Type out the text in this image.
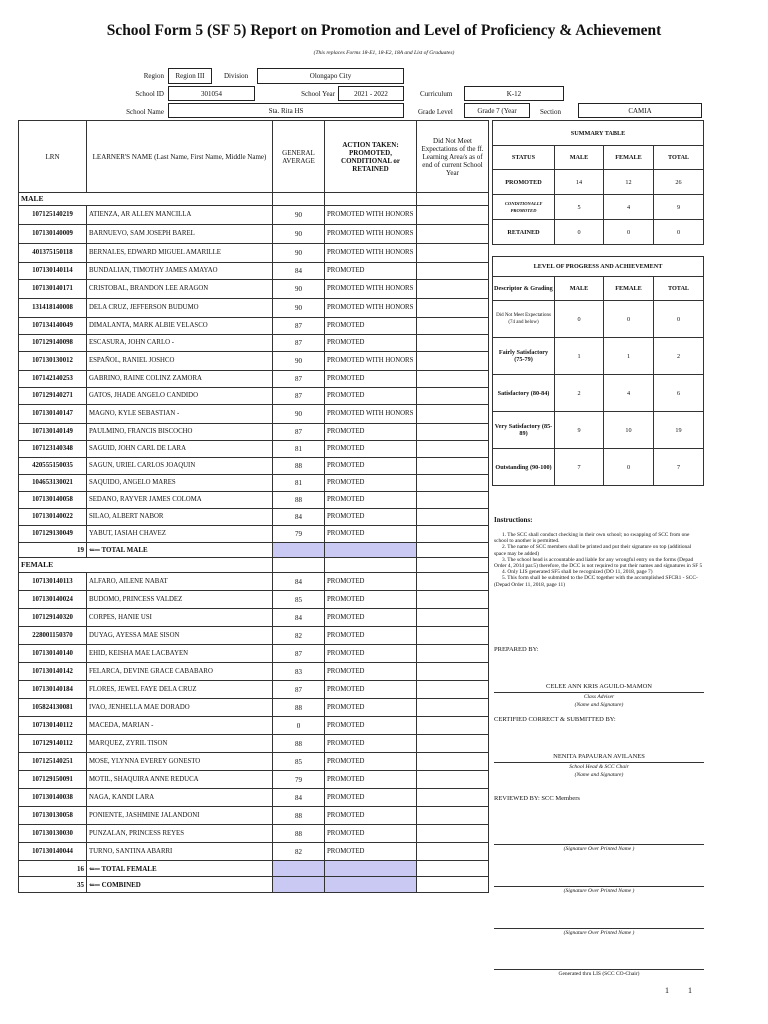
School Form 5 (SF 5) Report on Promotion and Level of Proficiency & Achievement
(This replaces Forms 18-E1, 18-E2, 18A and List of Graduates)
Region	Region III	Division	Olongapo City
School ID	301054	School Year	2021 - 2022	Curriculum	K-12
School Name	Sta. Rita HS	Grade Level	Grade 7 (Year	Section	CAMIA
LRN	LEARNER'S NAME (Last Name, First Name, Middle Name)	GENERAL AVERAGE	ACTION TAKEN: PROMOTED, CONDITIONAL or RETAINED	Did Not Meet Expectations of the ff. Learning Area/s as of end of current School Year
MALE				
107125140219	ATIENZA, AR ALLEN MANCILLA	90	PROMOTED WITH HONORS	
107130140009	BARNUEVO, SAM JOSEPH BAREL	90	PROMOTED WITH HONORS	
401375150118	BERNALES, EDWARD MIGUEL AMARILLE	90	PROMOTED WITH HONORS	
107130140114	BUNDALIAN, TIMOTHY JAMES AMAYAO	84	PROMOTED	
107130140171	CRISTOBAL, BRANDON LEE ARAGON	90	PROMOTED WITH HONORS	
131418140008	DELA CRUZ, JEFFERSON BUDUMO	90	PROMOTED WITH HONORS	
107134140049	DIMALANTA, MARK ALBIE VELASCO	87	PROMOTED	
107129140098	ESCASURA, JOHN CARLO -	87	PROMOTED	
107130130012	ESPAÑOL, RANIEL JOSHCO	90	PROMOTED WITH HONORS	
107142140253	GABRINO, RAINE COLINZ ZAMORA	87	PROMOTED	
107129140271	GATOS, JHADE ANGELO CANDIDO	87	PROMOTED	
107130140147	MAGNO, KYLE SEBASTIAN -	90	PROMOTED WITH HONORS	
107130140149	PAULMINO, FRANCIS BISCOCHO	87	PROMOTED	
107123140348	SAGUID, JOHN CARL DE LARA	81	PROMOTED	
420555150035	SAGUN, URIEL CARLOS JOAQUIN	88	PROMOTED	
104653130021	SAQUIDO, ANGELO MARES	81	PROMOTED	
107130140058	SEDANO, RAYVER JAMES COLOMA	88	PROMOTED	
107130140022	SILAO, ALBERT NABOR	84	PROMOTED	
107129130049	YABUT, IASIAH CHAVEZ	79	PROMOTED	
19	⇐═ TOTAL MALE			
FEMALE				
107130140113	ALFARO, AILENE NABAT	84	PROMOTED	
107130140024	BUDOMO, PRINCESS VALDEZ	85	PROMOTED	
107129140320	CORPES, HANIE USI	84	PROMOTED	
228001150370	DUYAG, AYESSA MAE SISON	82	PROMOTED	
107130140140	EHID, KEISHA MAE LACBAYEN	87	PROMOTED	
107130140142	FELARCA, DEVINE GRACE CABABARO	83	PROMOTED	
107130140184	FLORES, JEWEL FAYE DELA CRUZ	87	PROMOTED	
105824130081	IVAO, JENHELLA MAE DORADO	88	PROMOTED	
107130140112	MACEDA, MARIAN -	0	PROMOTED	
107129140112	MARQUEZ, ZYRIL TISON	88	PROMOTED	
107125140251	MOSE, YLYNNA EVEREY GONESTO	85	PROMOTED	
107129150091	MOTIL, SHAQUIRA ANNE REDUCA	79	PROMOTED	
107130140038	NAGA, KANDI LARA	84	PROMOTED	
107130130058	PONIENTE, JASHMINE JALANDONI	88	PROMOTED	
107130130030	PUNZALAN, PRINCESS REYES	88	PROMOTED	
107130140044	TURNO, SANTINA ABARRI	82	PROMOTED	
16	⇐═ TOTAL FEMALE			
35	⇐═ COMBINED			
SUMMARY TABLE			
STATUS	MALE	FEMALE	TOTAL
PROMOTED	14	12	26
CONDITIONALLY PROMOTED	5	4	9
RETAINED	0	0	0
LEVEL OF PROGRESS AND ACHIEVEMENT			
Descriptor & Grading	MALE	FEMALE	TOTAL
Did Not Meet Expectations (74 and below)	0	0	0
Fairly Satisfactory (75-79)	1	1	2
Satisfactory (80-84)	2	4	6
Very Satisfactory (85-89)	9	10	19
Outstanding (90-100)	7	0	7
Instructions:
1. The SCC shall conduct checking in their own school; no swapping of SCC from one school to another is permitted.
2. The name of SCC members shall be printed and put their signature on top (additional space may be added)
3. The school head is accountable and liable for any wrongful entry on the forms (Depad Order 4, 2014 par.5) therefore, the DCC is not required to put their names and signatures in SF 5
4. Only LIS generated SF5 shall be recognized (DO 11, 2018, page 7)
5. This form shall be submitted to the DCC together with the accomplished SFCR1 - SCC- (Depad Order 11, 2018, page 11)
PREPARED BY:
CELEE ANN KRIS AGUILO-MAMON
Class Adviser
(Name and Signature)
CERTIFIED CORRECT & SUBMITTED BY:
NENITA PAPAURAN AVILANES
School Head & SCC Chair
(Name and Signature)
REVIEWED BY: SCC Members
(Signature Over Printed Name )
(Signature Over Printed Name )
(Signature Over Printed Name )
Generated thru LIS (SCC CO-Chair)
1 1
